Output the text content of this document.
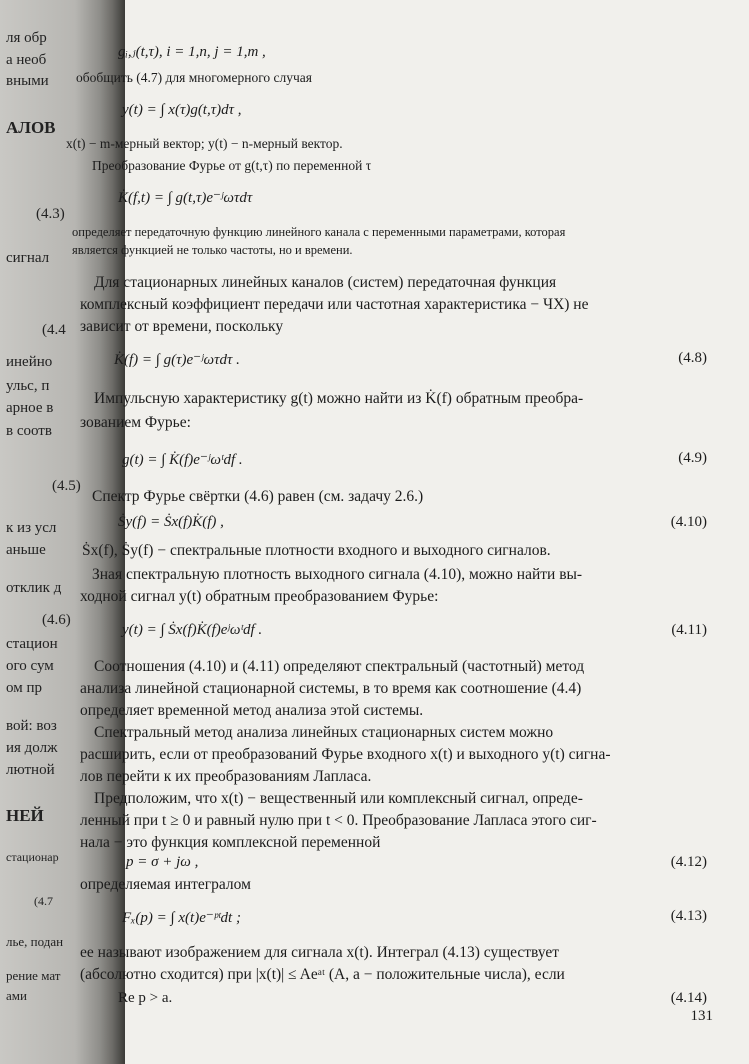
ля обр
а необ
вными
АЛОВ
(4.3)
сигнал
(4.4
инейно
ульс, п
арное в
в соотв
(4.5)
к из усл
аньше
отклик д
(4.6)
стацион
ого сум
ом пр
вой: воз
ия долж
лютной
НЕЙ
стационар
(4.7
лье, подан
рение мат
ами
gᵢ,ⱼ(t,τ), i = 1,n, j = 1,m ,
обобщить (4.7) для многомерного случая
y(t) = ∫ x(τ)g(t,τ)dτ ,
x(t) − m-мерный вектор; y(t) − n-мерный вектор.
Преобразование Фурье от g(t,τ) по переменной τ
K̇(f,t) = ∫ g(t,τ)e⁻ʲωτdτ
определяет передаточную функцию линейного канала с переменными параметрами, которая
является функцией не только частоты, но и времени.
Для стационарных линейных каналов (систем) передаточная функция
комплексный коэффициент передачи или частотная характеристика − ЧХ) не
зависит от времени, поскольку
K̇(f) = ∫ g(τ)e⁻ʲωτdτ .	(4.8)
Импульсную характеристику g(t) можно найти из K̇(f) обратным преобра-
зованием Фурье:
g(t) = ∫ K̇(f)e⁻ʲωᵗdf .	(4.9)
Спектр Фурье свёртки (4.6) равен (см. задачу 2.6.)
Ṡy(f) = Ṡx(f)K̇(f) ,	(4.10)
Ṡx(f), Ṡy(f) − спектральные плотности входного и выходного сигналов.
Зная спектральную плотность выходного сигнала (4.10), можно найти вы-
ходной сигнал y(t) обратным преобразованием Фурье:
y(t) = ∫ Ṡx(f)K̇(f)eʲωᵗdf .	(4.11)
Соотношения (4.10) и (4.11) определяют спектральный (частотный) метод
анализа линейной стационарной системы, в то время как соотношение (4.4)
определяет временной метод анализа этой системы.
Спектральный метод анализа линейных стационарных систем можно
расширить, если от преобразований Фурье входного x(t) и выходного y(t) сигна-
лов перейти к их преобразованиям Лапласа.
Предположим, что x(t) − вещественный или комплексный сигнал, опреде-
ленный при t ≥ 0 и равный нулю при t < 0. Преобразование Лапласа этого сиг-
нала − это функция комплексной переменной
p = σ + jω ,	(4.12)
определяемая интегралом
Fₓ(p) = ∫ x(t)e⁻ᵖᵗdt ;	(4.13)
ее называют изображением для сигнала x(t). Интеграл (4.13) существует
(абсолютно сходится) при |x(t)| ≤ Aeᵃᵗ (A, a − положительные числа), если
Re p > a.	(4.14)
131
